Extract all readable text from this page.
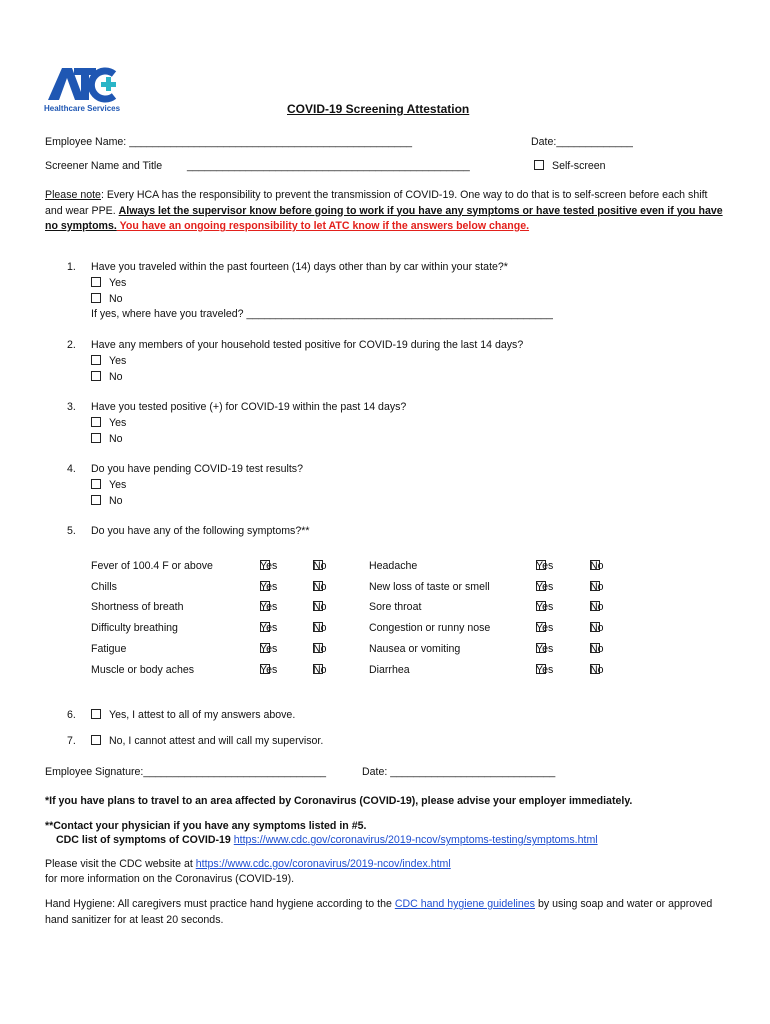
Healthcare Services	COVID-19 Screening Attestation
Employee Name: ________________________________________________	Date:_____________
Screener Name and Title ________________________________________________	Self-screen
Please note: Every HCA has the responsibility to prevent the transmission of COVID-19. One way to do that is to self-screen before each shift and wear PPE. Always let the supervisor know before going to work if you have any symptoms or have tested positive even if you have no symptoms. You have an ongoing responsibility to let ATC know if the answers below change.
1. Have you traveled within the past fourteen (14) days other than by car within your state?*
Yes
No
If yes, where have you traveled? ____________________________________________________
2. Have any members of your household tested positive for COVID-19 during the last 14 days?
Yes
No
3. Have you tested positive (+) for COVID-19 within the past 14 days?
Yes
No
4. Do you have pending COVID-19 test results?
Yes
No
5. Do you have any of the following symptoms?**
Fever of 100.4 F or above	Yes	No	Headache	Yes	No
Chills	Yes	No	New loss of taste or smell	Yes	No
Shortness of breath	Yes	No	Sore throat	Yes	No
Difficulty breathing	Yes	No	Congestion or runny nose	Yes	No
Fatigue	Yes	No	Nausea or vomiting	Yes	No
Muscle or body aches	Yes	No	Diarrhea	Yes	No
6.	Yes, I attest to all of my answers above.
7.	No, I cannot attest and will call my supervisor.
Employee Signature:_______________________________	Date: ____________________________
*If you have plans to travel to an area affected by Coronavirus (COVID-19), please advise your employer immediately.
**Contact your physician if you have any symptoms listed in #5.
CDC list of symptoms of COVID-19 https://www.cdc.gov/coronavirus/2019-ncov/symptoms-testing/symptoms.html
Please visit the CDC website at https://www.cdc.gov/coronavirus/2019-ncov/index.html
for more information on the Coronavirus (COVID-19).
Hand Hygiene: All caregivers must practice hand hygiene according to the CDC hand hygiene guidelines by using soap and water or approved hand sanitizer for at least 20 seconds.
